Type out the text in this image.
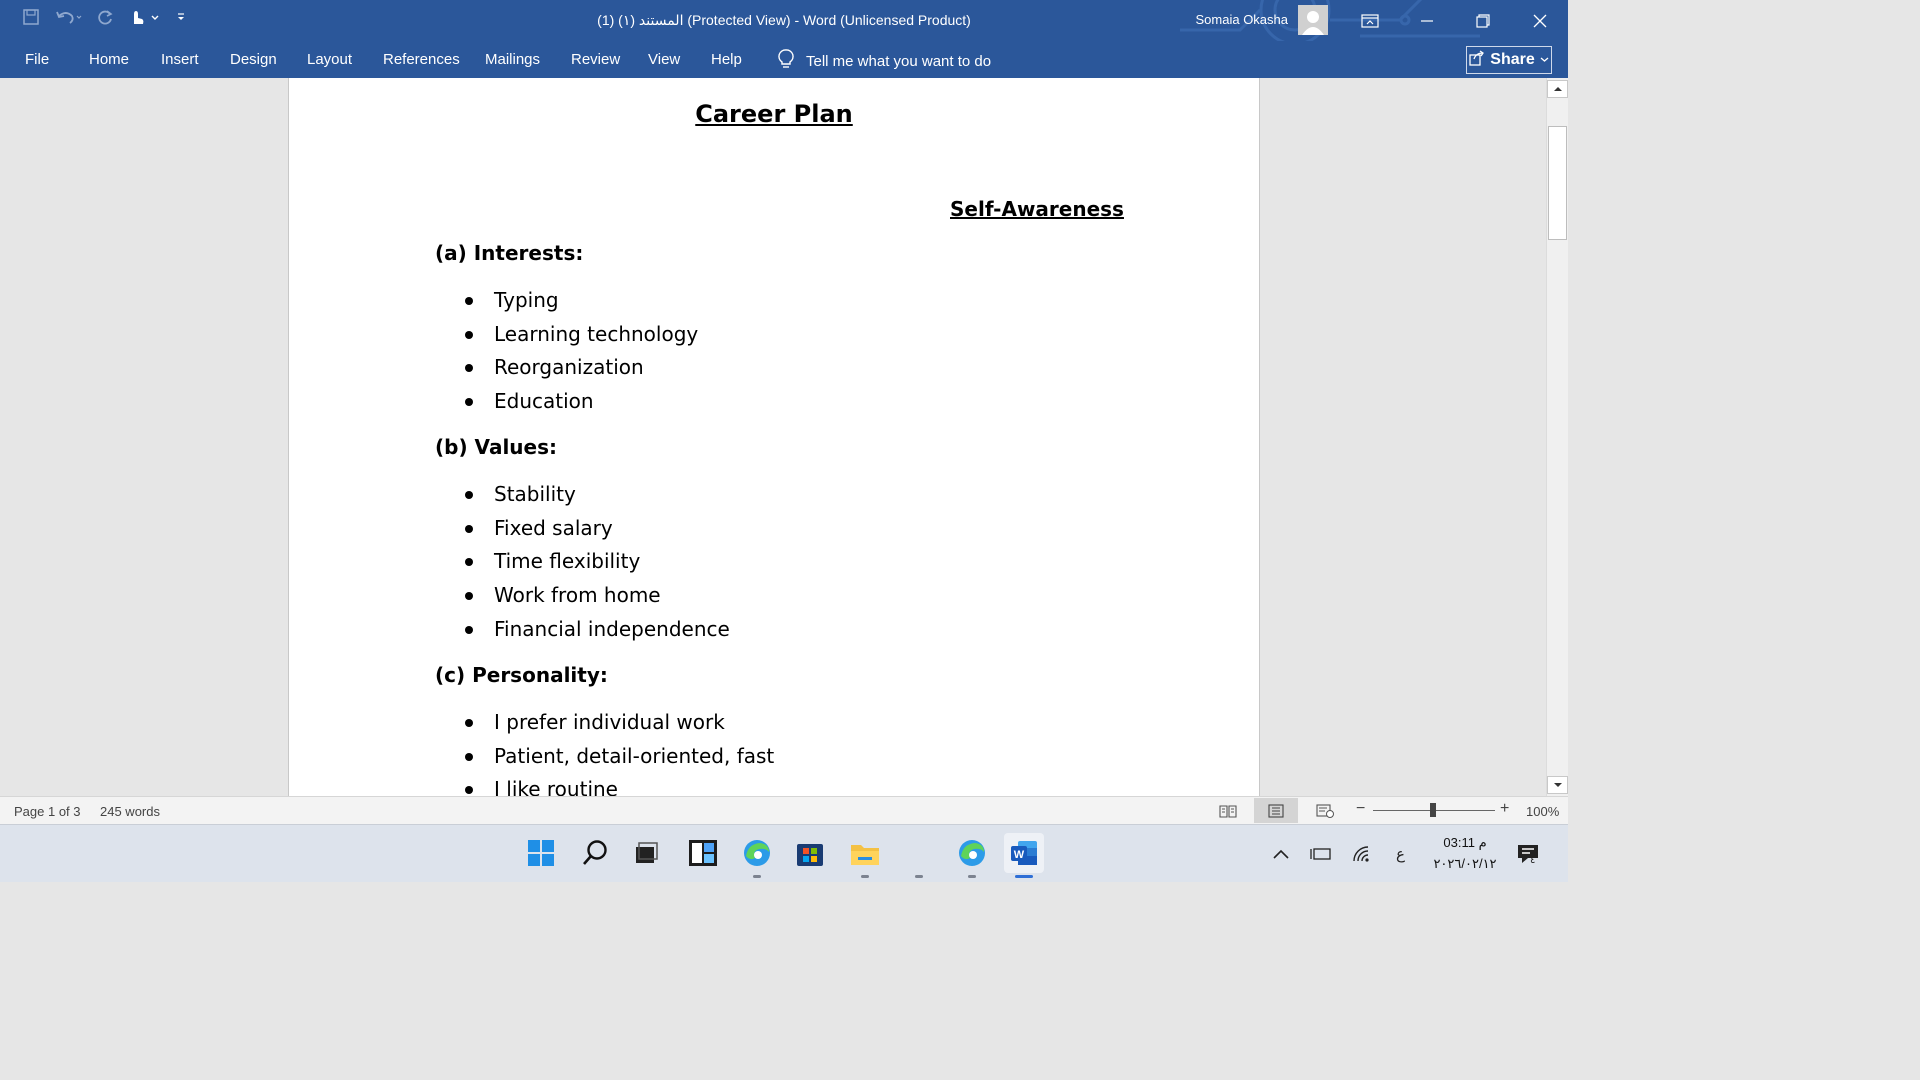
المستند (١) (1) (Protected View) - Word (Unlicensed Product)	Somaia Okasha
File	Home Insert Design Layout References Mailings Review View Help	Tell me what you want to do	Share
Career Plan
Self-Awareness
(a) Interests:
Typing
Learning technology
Reorganization
Education
(b) Values:
Stability
Fixed salary
Time flexibility
Work from home
Financial independence
(c) Personality:
I prefer individual work
Patient, detail-oriented, fast
I like routine
Page 1 of 3 245 words	−	+ 100%
W	ع
03:11 م
٢٠٢٦/٠٢/١٢	٤
